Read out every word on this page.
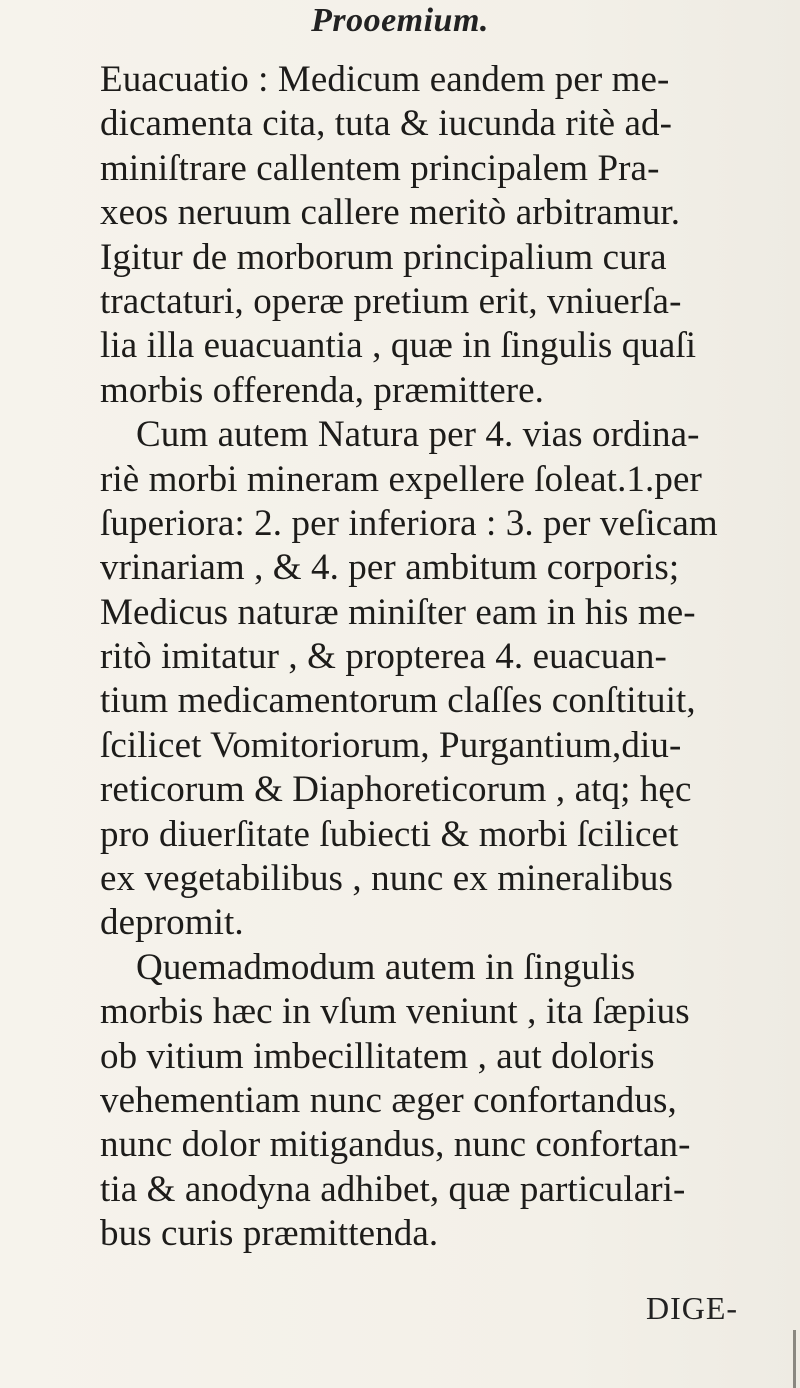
Prooemium.
Euacuatio : Medicum eandem per me-
dicamenta cita, tuta & iucunda ritè ad-
miniſtrare callentem principalem Pra-
xeos neruum callere meritò arbitramur.
Igitur de morborum principalium cura
tractaturi, operæ pretium erit, vniuerſa-
lia illa euacuantia , quæ in ſingulis quaſi
morbis offerenda, præmittere.
Cum autem Natura per 4. vias ordina-
riè morbi mineram expellere ſoleat.1.per
ſuperiora: 2. per inferiora : 3. per veſicam
vrinariam , & 4. per ambitum corporis;
Medicus naturæ miniſter eam in his me-
ritò imitatur , & propterea 4. euacuan-
tium medicamentorum claſſes conſtituit,
ſcilicet Vomitoriorum, Purgantium,diu-
reticorum & Diaphoreticorum , atq; hęc
pro diuerſitate ſubiecti & morbi ſcilicet
ex vegetabilibus , nunc ex mineralibus
depromit.
Quemadmodum autem in ſingulis
morbis hæc in vſum veniunt , ita ſæpius
ob vitium imbecillitatem , aut doloris
vehementiam nunc æger confortandus,
nunc dolor mitigandus, nunc confortan-
tia & anodyna adhibet, quæ particulari-
bus curis præmittenda.
DIGE-
